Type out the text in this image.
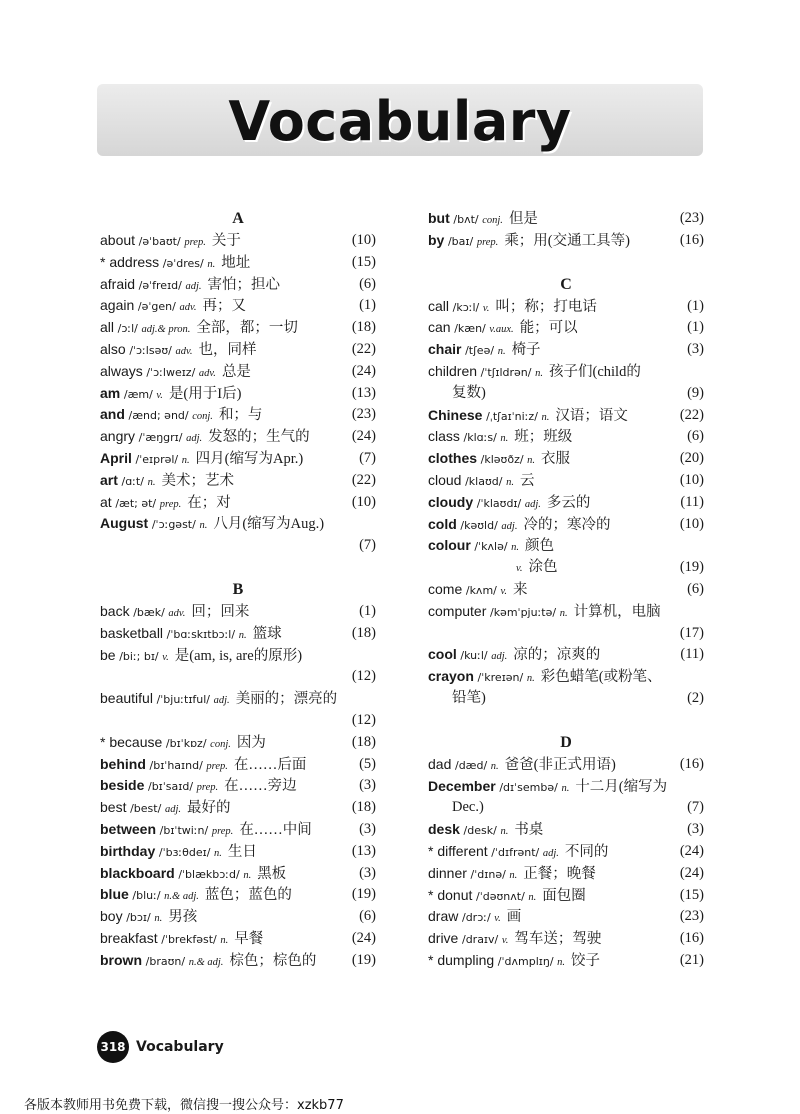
Vocabulary
A
about /əˈbaʊt/ prep. 关于	(10)
* address /əˈdres/ n. 地址	(15)
afraid /əˈfreɪd/ adj. 害怕；担心	(6)
again /əˈgen/ adv. 再；又	(1)
all /ɔːl/ adj.& pron. 全部，都；一切	(18)
also /ˈɔːlsəʊ/ adv. 也，同样	(22)
always /ˈɔːlweɪz/ adv. 总是	(24)
am /æm/ v. 是(用于I后)	(13)
and /ænd; ənd/ conj. 和；与	(23)
angry /ˈæŋgrɪ/ adj. 发怒的；生气的	(24)
April /ˈeɪprəl/ n. 四月(缩写为Apr.)	(7)
art /ɑːt/ n. 美术；艺术	(22)
at /æt; ət/ prep. 在；对	(10)
August /ˈɔːgəst/ n. 八月(缩写为Aug.)
(7)
B
back /bæk/ adv. 回；回来	(1)
basketball /ˈbɑːskɪtbɔːl/ n. 篮球	(18)
be /biː; bɪ/ v. 是(am, is, are的原形)
(12)
beautiful /ˈbjuːtɪful/ adj. 美丽的；漂亮的
(12)
* because /bɪˈkɒz/ conj. 因为	(18)
behind /bɪˈhaɪnd/ prep. 在……后面	(5)
beside /bɪˈsaɪd/ prep. 在……旁边	(3)
best /best/ adj. 最好的	(18)
between /bɪˈtwiːn/ prep. 在……中间	(3)
birthday /ˈbɜːθdeɪ/ n. 生日	(13)
blackboard /ˈblækbɔːd/ n. 黑板	(3)
blue /bluː/ n.& adj. 蓝色；蓝色的	(19)
boy /bɔɪ/ n. 男孩	(6)
breakfast /ˈbrekfəst/ n. 早餐	(24)
brown /braʊn/ n.& adj. 棕色；棕色的 (19)
but /bʌt/ conj. 但是	(23)
by /baɪ/ prep. 乘；用(交通工具等)	(16)
C
call /kɔːl/ v. 叫；称；打电话	(1)
can /kæn/ v.aux. 能；可以	(1)
chair /tʃeə/ n. 椅子	(3)
children /ˈtʃɪldrən/ n. 孩子们(child的
复数)	(9)
Chinese /ˌtʃaɪˈniːz/ n. 汉语；语文	(22)
class /klɑːs/ n. 班；班级	(6)
clothes /kləʊðz/ n. 衣服	(20)
cloud /klaʊd/ n. 云	(10)
cloudy /ˈklaʊdɪ/ adj. 多云的	(11)
cold /kəʊld/ adj. 冷的；寒冷的	(10)
colour /ˈkʌlə/ n. 颜色
v. 涂色	(19)
come /kʌm/ v. 来	(6)
computer /kəmˈpjuːtə/ n. 计算机，电脑
(17)
cool /kuːl/ adj. 凉的；凉爽的	(11)
crayon /ˈkreɪən/ n. 彩色蜡笔(或粉笔、
铅笔)	(2)
D
dad /dæd/ n. 爸爸(非正式用语)	(16)
December /dɪˈsembə/ n. 十二月(缩写为
Dec.)	(7)
desk /desk/ n. 书桌	(3)
* different /ˈdɪfrənt/ adj. 不同的	(24)
dinner /ˈdɪnə/ n. 正餐；晚餐	(24)
* donut /ˈdəʊnʌt/ n. 面包圈	(15)
draw /drɔː/ v. 画	(23)
drive /draɪv/ v. 驾车送；驾驶	(16)
* dumpling /ˈdʌmplɪŋ/ n. 饺子	(21)
318 Vocabulary
各版本教师用书免费下载，微信搜一搜公众号：xzkb77
